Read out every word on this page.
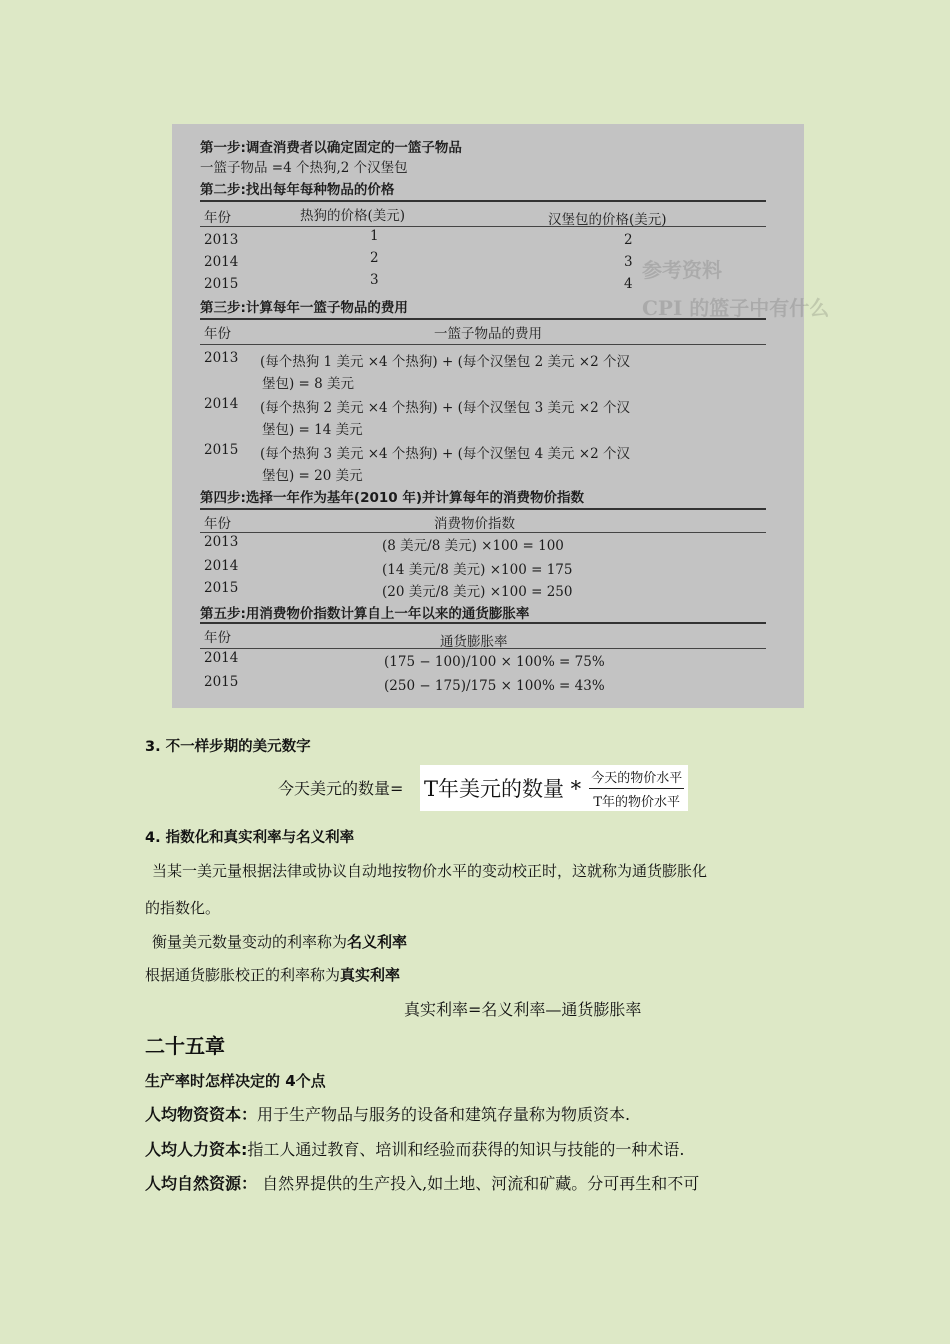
参考资料
CPI 的篮子中有什么
第一步:调查消费者以确定固定的一篮子物品
一篮子物品 =4 个热狗,2 个汉堡包
第二步:找出每年每种物品的价格
年份	热狗的价格(美元)	汉堡包的价格(美元)
2013	1	2
2014	2	3
2015	3	4
第三步:计算每年一篮子物品的费用
年份	一篮子物品的费用
2013 (每个热狗 1 美元 ×4 个热狗) + (每个汉堡包 2 美元 ×2 个汉
堡包) = 8 美元
2014 (每个热狗 2 美元 ×4 个热狗) + (每个汉堡包 3 美元 ×2 个汉
堡包) = 14 美元
2015 (每个热狗 3 美元 ×4 个热狗) + (每个汉堡包 4 美元 ×2 个汉
堡包) = 20 美元
第四步:选择一年作为基年(2010 年)并计算每年的消费物价指数
年份	消费物价指数
2013	(8 美元/8 美元) ×100 = 100
2014	(14 美元/8 美元) ×100 = 175
2015	(20 美元/8 美元) ×100 = 250
第五步:用消费物价指数计算自上一年以来的通货膨胀率
年份	通货膨胀率
2014	(175 − 100)/100 × 100% = 75%
2015	(250 − 175)/175 × 100% = 43%
3. 不一样步期的美元数字
今天美元的数量= T年美元的数量 * $\frac{\text{今天的物价水平}}{\text{T年的物价水平}}$
4. 指数化和真实利率与名义利率
当某一美元量根据法律或协议自动地按物价水平的变动校正时，这就称为通货膨胀化
的指数化。
衡量美元数量变动的利率称为名义利率
根据通货膨胀校正的利率称为真实利率
真实利率=名义利率—通货膨胀率
二十五章
生产率时怎样决定的 4个点
人均物资资本：用于生产物品与服务的设备和建筑存量称为物质资本.
人均人力资本:指工人通过教育、培训和经验而获得的知识与技能的一种术语.
人均自然资源： 自然界提供的生产投入,如土地、河流和矿藏。分可再生和不可
